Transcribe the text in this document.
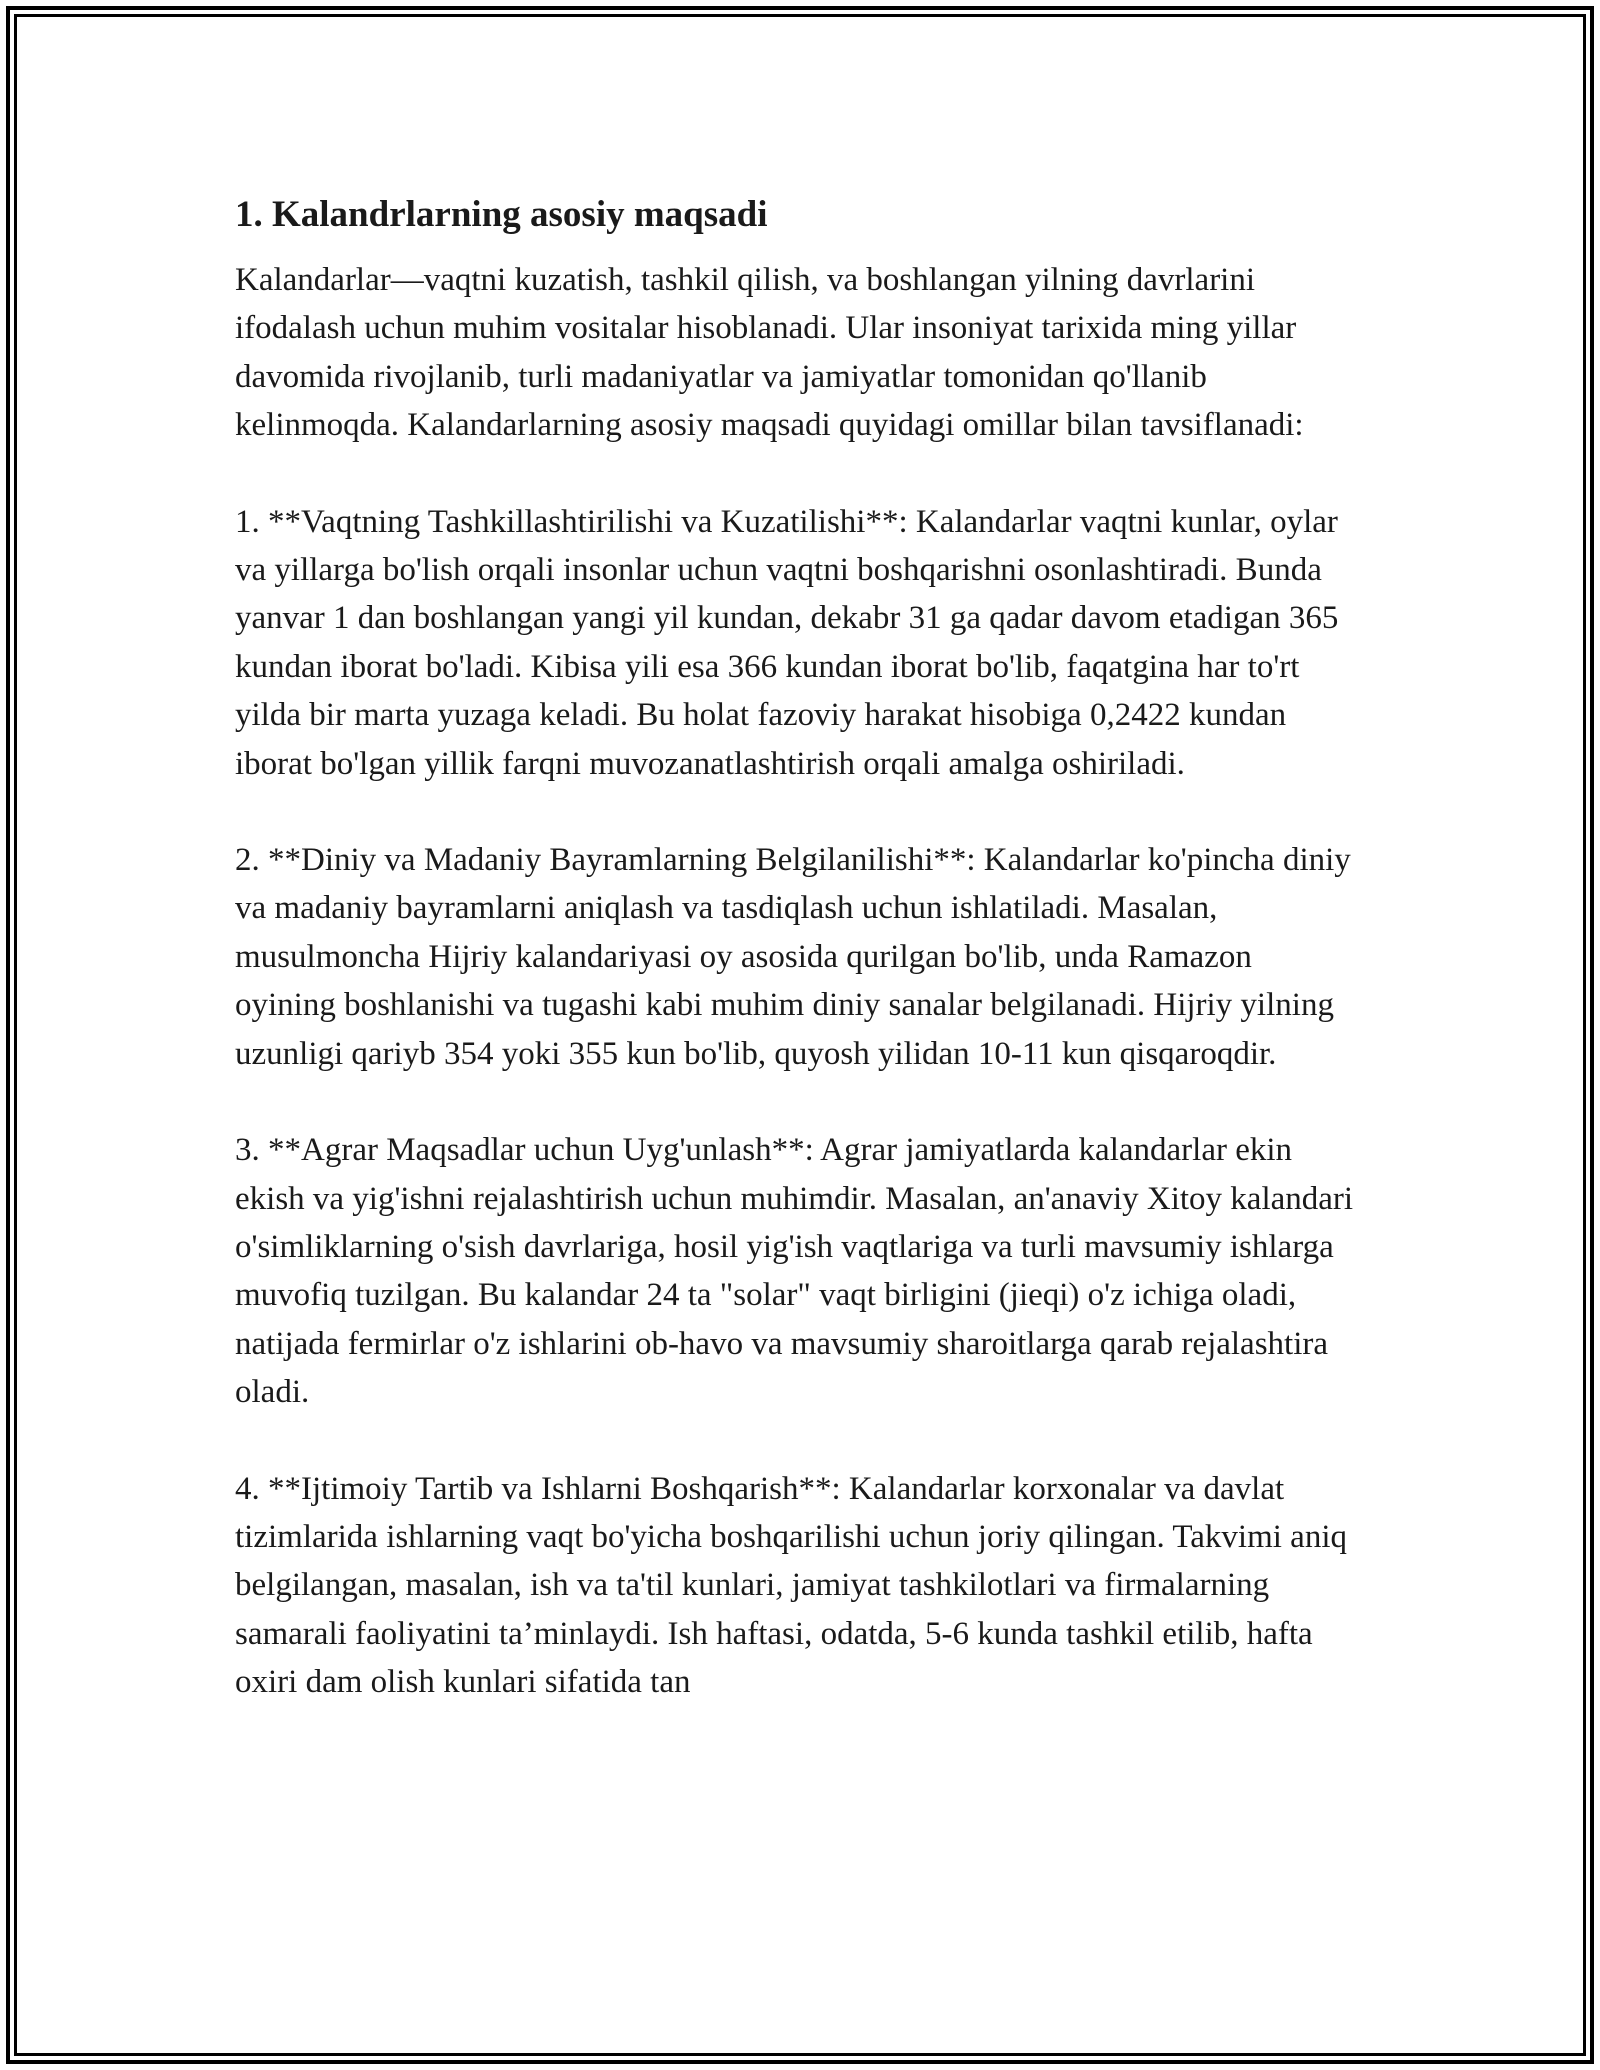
1. Kalandrlarning asosiy maqsadi

Kalandarlar—vaqtni kuzatish, tashkil qilish, va boshlangan yilning davrlarini ifodalash uchun muhim vositalar hisoblanadi. Ular insoniyat tarixida ming yillar davomida rivojlanib, turli madaniyatlar va jamiyatlar tomonidan qo'llanib kelinmoqda. Kalandarlarning asosiy maqsadi quyidagi omillar bilan tavsiflanadi:

1. **Vaqtning Tashkillashtirilishi va Kuzatilishi**: Kalandarlar vaqtni kunlar, oylar va yillarga bo'lish orqali insonlar uchun vaqtni boshqarishni osonlashtiradi. Bunda yanvar 1 dan boshlangan yangi yil kundan, dekabr 31 ga qadar davom etadigan 365 kundan iborat bo'ladi. Kibisa yili esa 366 kundan iborat bo'lib, faqatgina har to'rt yilda bir marta yuzaga keladi. Bu holat fazoviy harakat hisobiga 0,2422 kundan iborat bo'lgan yillik farqni muvozanatlashtirish orqali amalga oshiriladi.

2. **Diniy va Madaniy Bayramlarning Belgilanilishi**: Kalandarlar ko'pincha diniy va madaniy bayramlarni aniqlash va tasdiqlash uchun ishlatiladi. Masalan, musulmoncha Hijriy kalandariyasi oy asosida qurilgan bo'lib, unda Ramazon oyining boshlanishi va tugashi kabi muhim diniy sanalar belgilanadi. Hijriy yilning uzunligi qariyb 354 yoki 355 kun bo'lib, quyosh yilidan 10-11 kun qisqaroqdir.

3. **Agrar Maqsadlar uchun Uyg'unlash**: Agrar jamiyatlarda kalandarlar ekin ekish va yig'ishni rejalashtirish uchun muhimdir. Masalan, an'anaviy Xitoy kalandari o'simliklarning o'sish davrlariga, hosil yig'ish vaqtlariga va turli mavsumiy ishlarga muvofiq tuzilgan. Bu kalandar 24 ta "solar" vaqt birligini (jieqi) o'z ichiga oladi, natijada fermirlar o'z ishlarini ob-havo va mavsumiy sharoitlarga qarab rejalashtira oladi.

4. **Ijtimoiy Tartib va Ishlarni Boshqarish**: Kalandarlar korxonalar va davlat tizimlarida ishlarning vaqt bo'yicha boshqarilishi uchun joriy qilingan. Takvimi aniq belgilangan, masalan, ish va ta'til kunlari, jamiyat tashkilotlari va firmalarning samarali faoliyatini ta’minlaydi. Ish haftasi, odatda, 5-6 kunda tashkil etilib, hafta oxiri dam olish kunlari sifatida tan
